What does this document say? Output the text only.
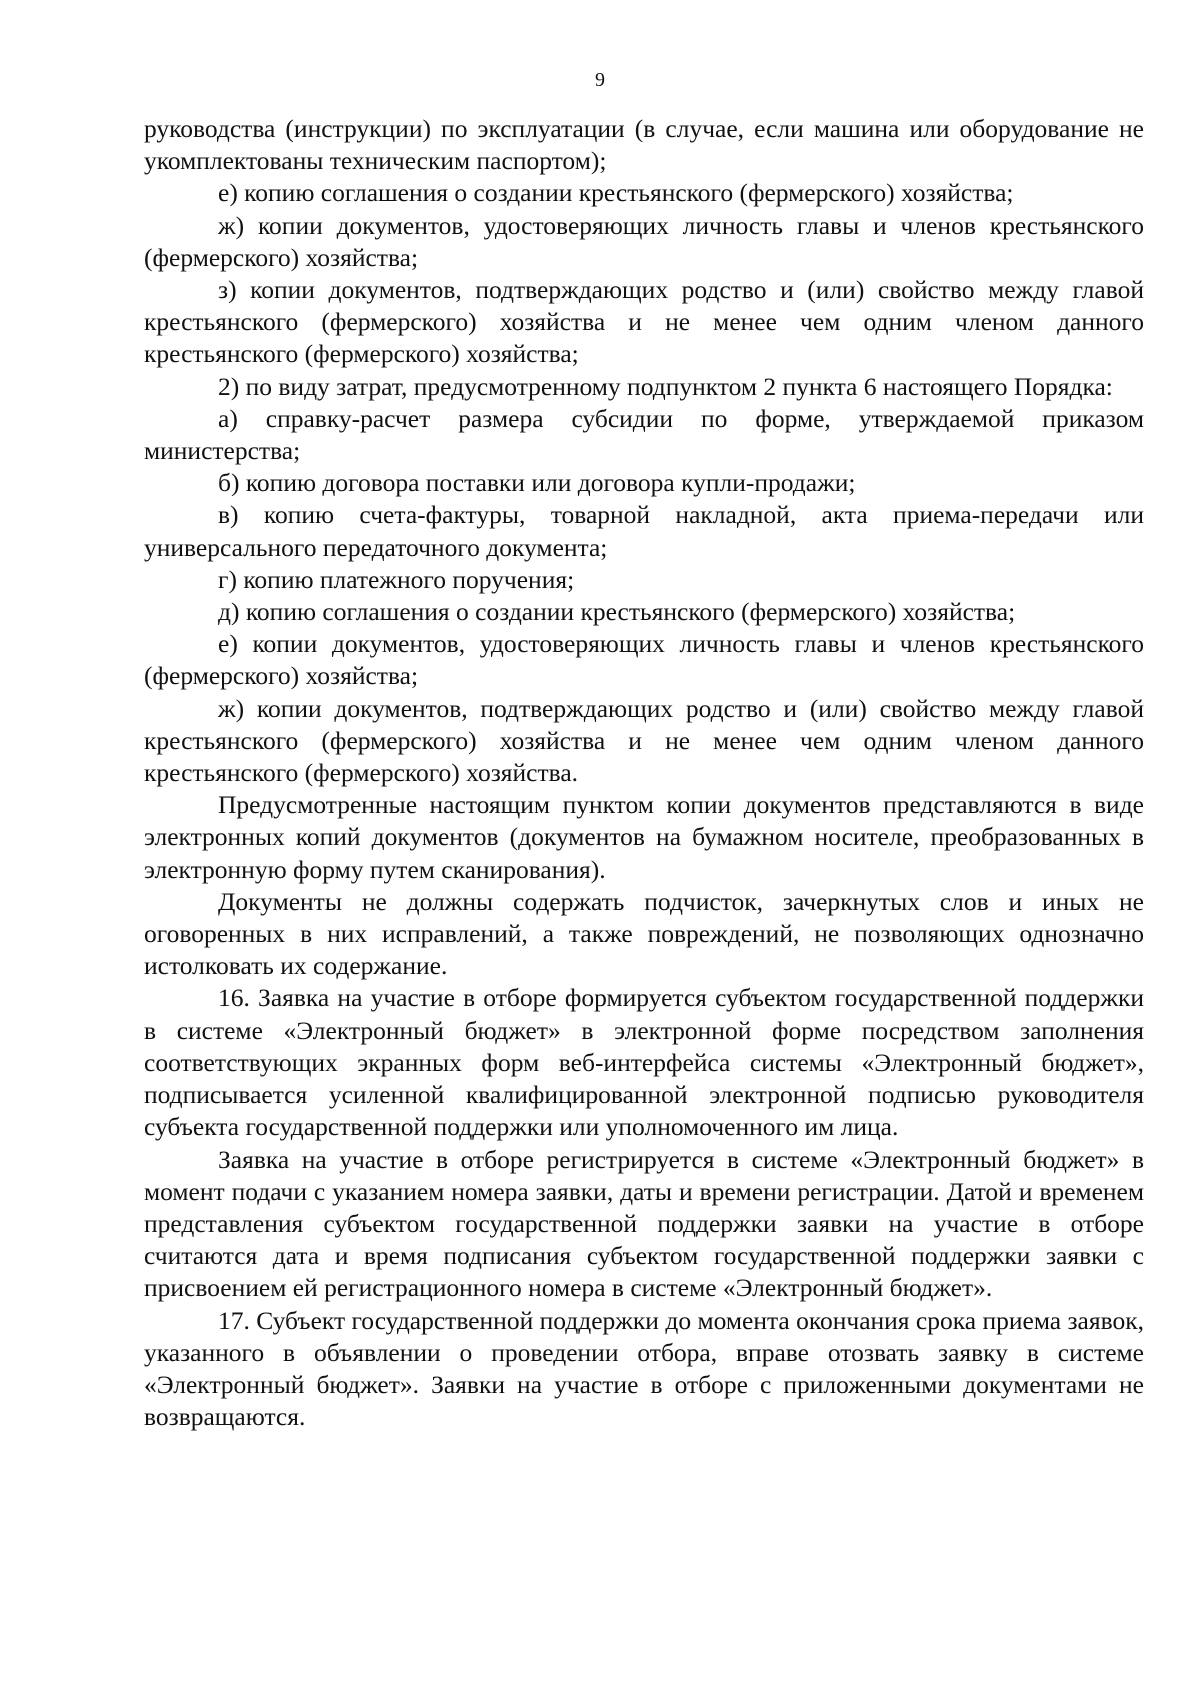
9

руководства (инструкции) по эксплуатации (в случае, если машина или оборудование не укомплектованы техническим паспортом);

е) копию соглашения о создании крестьянского (фермерского) хозяйства;

ж) копии документов, удостоверяющих личность главы и членов крестьянского (фермерского) хозяйства;

з) копии документов, подтверждающих родство и (или) свойство между главой крестьянского (фермерского) хозяйства и не менее чем одним членом данного крестьянского (фермерского) хозяйства;

2) по виду затрат, предусмотренному подпунктом 2 пункта 6 настоящего Порядка:

а) справку-расчет размера субсидии по форме, утверждаемой приказом министерства;

б) копию договора поставки или договора купли-продажи;

в) копию счета-фактуры, товарной накладной, акта приема-передачи или универсального передаточного документа;

г) копию платежного поручения;

д) копию соглашения о создании крестьянского (фермерского) хозяйства;

е) копии документов, удостоверяющих личность главы и членов крестьянского (фермерского) хозяйства;

ж) копии документов, подтверждающих родство и (или) свойство между главой крестьянского (фермерского) хозяйства и не менее чем одним членом данного крестьянского (фермерского) хозяйства.

Предусмотренные настоящим пунктом копии документов представляются в виде электронных копий документов (документов на бумажном носителе, преобразованных в электронную форму путем сканирования).

Документы не должны содержать подчисток, зачеркнутых слов и иных не оговоренных в них исправлений, а также повреждений, не позволяющих однозначно истолковать их содержание.

16. Заявка на участие в отборе формируется субъектом государственной поддержки в системе «Электронный бюджет» в электронной форме посредством заполнения соответствующих экранных форм веб-интерфейса системы «Электронный бюджет», подписывается усиленной квалифицированной электронной подписью руководителя субъекта государственной поддержки или уполномоченного им лица.

Заявка на участие в отборе регистрируется в системе «Электронный бюджет» в момент подачи с указанием номера заявки, даты и времени регистрации. Датой и временем представления субъектом государственной поддержки заявки на участие в отборе считаются дата и время подписания субъектом государственной поддержки заявки с присвоением ей регистрационного номера в системе «Электронный бюджет».

17. Субъект государственной поддержки до момента окончания срока приема заявок, указанного в объявлении о проведении отбора, вправе отозвать заявку в системе «Электронный бюджет». Заявки на участие в отборе с приложенными документами не возвращаются.
